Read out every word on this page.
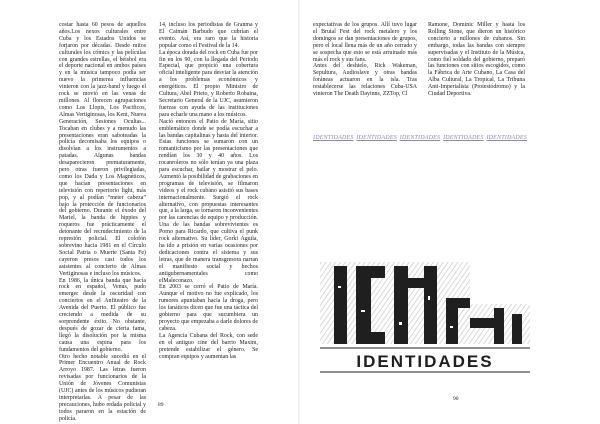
costar hasta 60 pesos de aquellos años.Los nexos culturales entre Cuba y los Estados Unidos se forjaron por décadas. Desde mitos culturales los cómics y las películas con grandes estrellas, el béisbol era el deporte nacional en ambos países y en la música tampoco podía ser nuevo la primerea influencias vinieron con la jazz-band y luego el rock se movió en las venas de millones. Al florecen agrupaciones como Los Llopis, Los Pacificos, Almas Vertiginosas, los Kent, Nueva Generación, Sesiones Ocultas... Tocaban en clubes y a menudo las presentaciones eran saboteadas la policía decomisaba los equipos o disolvían a los instrumentos a patadas. Algunas bandas desaparecieron prematuramente, pero otras fueron privilegiadas, como los Dada y Los Magnéticos, que hacían presentaciones en televisión con repertorio light, más pop, y al podían “meter cabeza” bajo la protección de funcionarios del gobierno. Durante el éxodo del Mariel, la banda de hippies y roqueros fue prácticamente el detonante del recrudecimiento de la represión policial. El colofón sobrevino hacia 1981 en el Círculo Social Patria o Muerte (Santa Fe) cayeron presos casi todos los asistentes al concierto de Almas Vertiginosas e incluso los músicos.

En 1986, la única banda que hacía rock en español, Venus, pudo emerger desde la oscuridad con conciertos en el Anfiteatro de la Avenida del Puerto. El público fue creciendo a medida de su sorprendente éxito. No obstante, después de gozar de cierta fama, llegó la disolución por la misma causa una espina para los fundamentos del gobierno.

Otro hecho notable sucedió en el Primer Encuentro Anual de Rock Arroyo 1987. Las letras fueron revisadas por funcionarios de la Unión de Jóvenes Comunistas (UJC) antes de los músicos pudieran interpretarlas. A pesar de las precauciones, hubo redada policial y todos pararon en la estación de policía.

14, incluso los periodistas de Granma y El Caimán Barbudo que cubrían el evento. Así, era raro que la historia popular como el Festival de la 14.

La época dorada del rock en Cuba fue por fin en los 90, con la llegada del Periodo Especial, que propició una cobertura oficial inteligente para desviar la atención a los problemas económicos y energéticos. El propio Ministro de Cultura, Abel Prieto, y Roberto Robaina, Secretario General de la UJC, asumieron fuerzas con ayuda de las instituciones para echarle una mano a los músicos.

Nació entonces el Patio de María, sitio emblemático donde se podía escuchar a las bandas capitalinas y hasta del interior. Estas funciones se sumaron con un romanticismo por las presentaciones que rendían los 30 y 40 años. Los rocanroleros no sólo tenían ya una plaza para escuchar, bailar y mostrar el pelo. Aumentó la posibilidad de grabaciones en programas de televisión, se filmaron videos y el rock cubano asistió sus bases internacionalmente. Surgió el rock alternativo, con propuestas interesantes que, a la larga, se tornaron inconvenientes por las carencias de equipo y producción. Una de las bandas sobrevivientes es Porno para Ricardo, que cultiva el punk rock alternativo. Su líder, Gorki Águila, ha ido a prisión en varias ocasiones por dedicaciones contra el sistema y sus letras, que de manera transgresora narran el manifiesto social y hechos antigubernamentales como elMaleconazo.

En 2003 se cerró el Patio de María. Aunque el motivo no fue explicado, los rumores apuntaban hacia la droga, pero los fanáticos dicen que fue una táctica del gobierno para que sucumbiera un proyecto que empezaba a darle dolores de cabeza.

La Agencia Cubana del Rock, con sede en el antiguo cine del barrio Maxim, pretende estabilizar el género. Se compran equipos y aumentan las

89

expectativas de los grupos. Allí tuvo lugar el Brutal Fest del rock metalero y los domingos se dan presentaciones de grupos, pero el local llena más de un año cerrado y se sospecha que esto se está arruinado más más el rock y sus fans.

Antes del deshielo, Rick Wakeman, Sepultura, Audioslave y otras bandas foráneas actuaron en la isla. Tras restablecerse las relaciones Cuba-USA vinieron The Death Dayinns, ZZTop, Cl

Ramone, Dominic Miller y hasta los Rolling Stone, que dieron un histórico concierto a millones de cubanos. Sin embargo, todas las bandas con siempre supervisadas y el Instituto de la Música, como fiel soldado del gobierno, preparó las funciones con sitios escogidos, como la Fábrica de Arte Cubano, La Casa del Alba Cultural, La Tropical, La Tribuna Anti-Imperialista (Protestódromo) y la Ciudad Deportiva.

IDENTIDADES IDENTIDADES IDENTIDADES IDENTIDADES IDENTIDADES
IDENTIDADES
90
